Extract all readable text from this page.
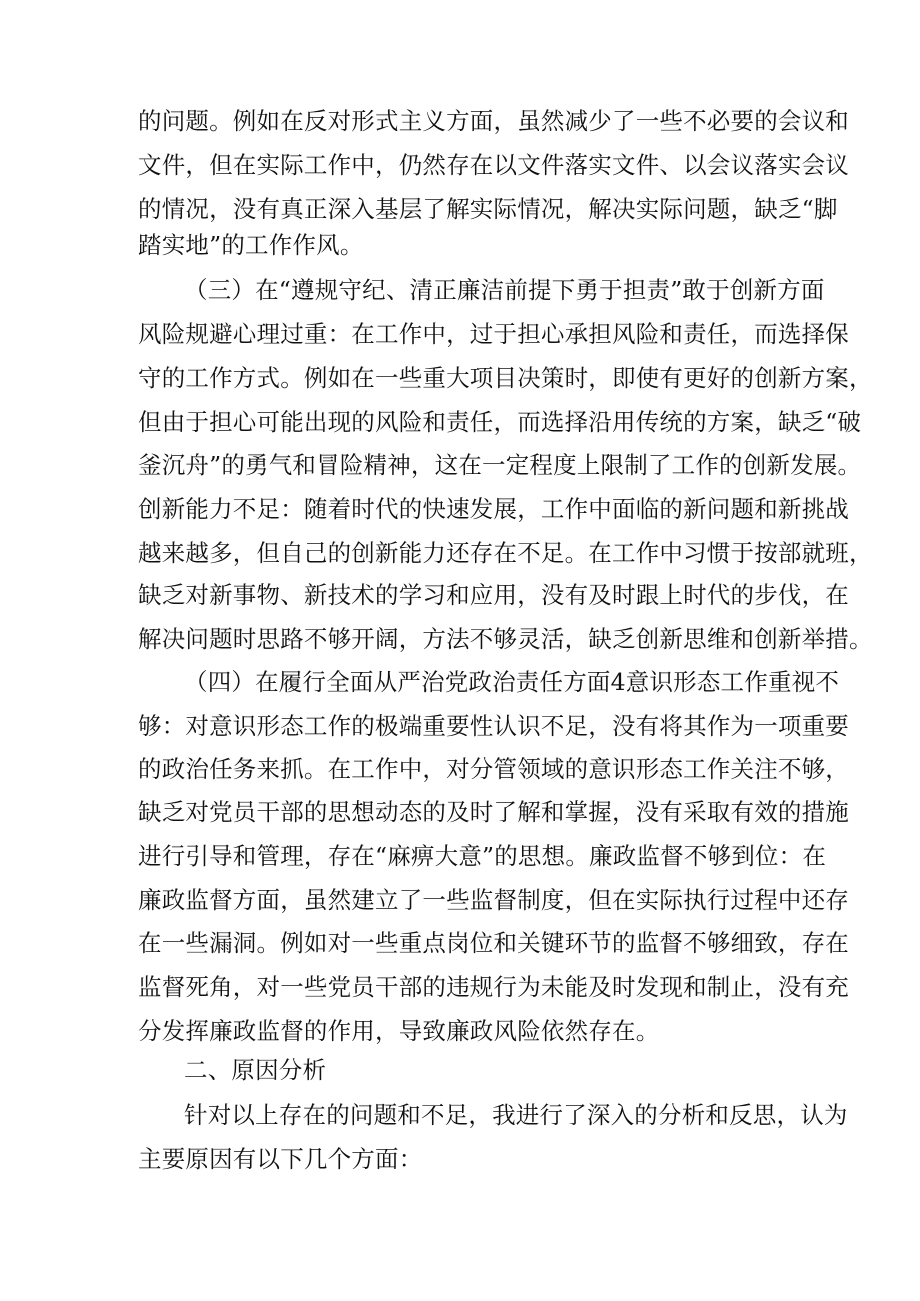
的问题。例如在反对形式主义方面，虽然减少了一些不必要的会议和
文件，但在实际工作中，仍然存在以文件落实文件、以会议落实会议
的情况，没有真正深入基层了解实际情况，解决实际问题，缺乏“脚
踏实地”的工作作风。
（三）在“遵规守纪、清正廉洁前提下勇于担责”敢于创新方面
风险规避心理过重：在工作中，过于担心承担风险和责任，而选择保
守的工作方式。例如在一些重大项目决策时，即使有更好的创新方案，
但由于担心可能出现的风险和责任，而选择沿用传统的方案，缺乏“破
釜沉舟”的勇气和冒险精神，这在一定程度上限制了工作的创新发展。
创新能力不足：随着时代的快速发展，工作中面临的新问题和新挑战
越来越多，但自己的创新能力还存在不足。在工作中习惯于按部就班，
缺乏对新事物、新技术的学习和应用，没有及时跟上时代的步伐，在
解决问题时思路不够开阔，方法不够灵活，缺乏创新思维和创新举措。
（四）在履行全面从严治党政治责任方面4意识形态工作重视不
够：对意识形态工作的极端重要性认识不足，没有将其作为一项重要
的政治任务来抓。在工作中，对分管领域的意识形态工作关注不够，
缺乏对党员干部的思想动态的及时了解和掌握，没有采取有效的措施
进行引导和管理，存在“麻痹大意”的思想。廉政监督不够到位：在
廉政监督方面，虽然建立了一些监督制度，但在实际执行过程中还存
在一些漏洞。例如对一些重点岗位和关键环节的监督不够细致，存在
监督死角，对一些党员干部的违规行为未能及时发现和制止，没有充
分发挥廉政监督的作用，导致廉政风险依然存在。
二、原因分析
针对以上存在的问题和不足，我进行了深入的分析和反思，认为
主要原因有以下几个方面：
